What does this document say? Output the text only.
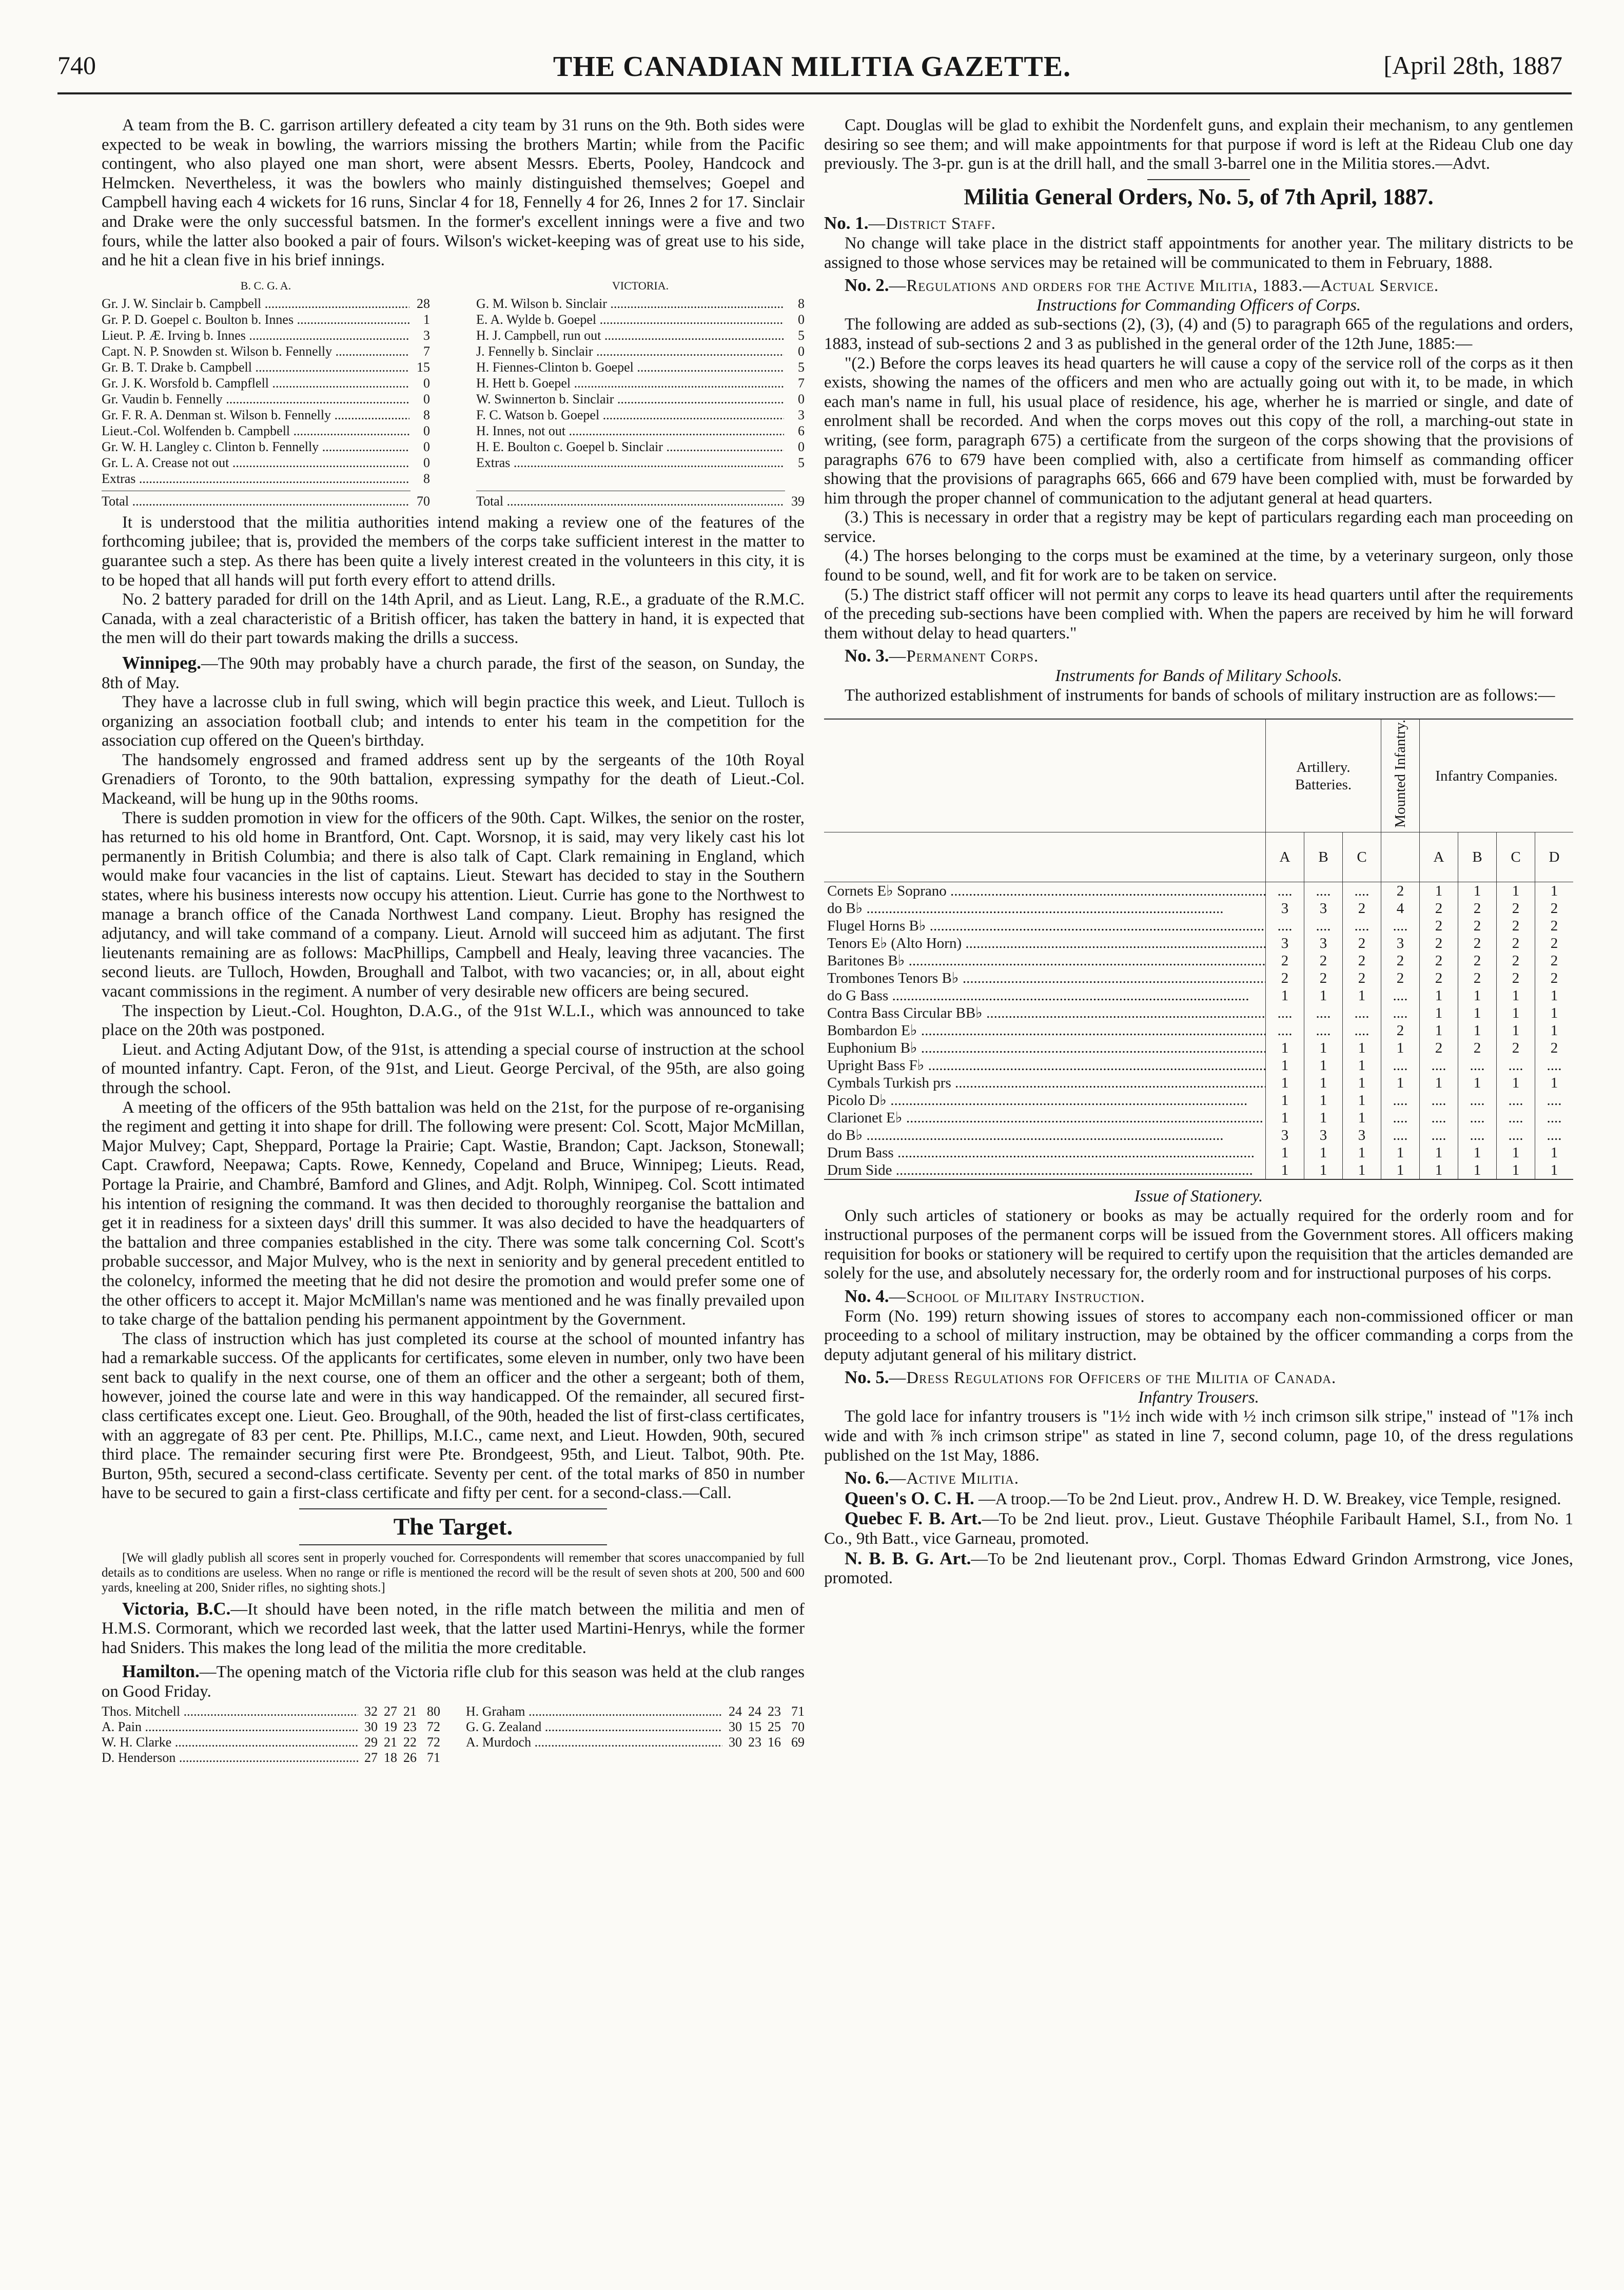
740	THE CANADIAN MILITIA GAZETTE.	[April 28th, 1887

A team from the B. C. garrison artillery defeated a city team by 31 runs on the 9th. Both sides were expected to be weak in bowling, the warriors missing the brothers Martin; while from the Pacific contingent, who also played one man short, were absent Messrs. Eberts, Pooley, Handcock and Helmcken. Nevertheless, it was the bowlers who mainly distinguished themselves; Goepel and Campbell having each 4 wickets for 16 runs, Sinclar 4 for 18, Fennelly 4 for 26, Innes 2 for 17. Sinclair and Drake were the only successful batsmen. In the former's excellent innings were a five and two fours, while the latter also booked a pair of fours. Wilson's wicket-keeping was of great use to his side, and he hit a clean five in his brief innings.

B. C. G. A.
Gr. J. W. Sinclair b. Campbell .....	28
Gr. P. D. Goepel c. Boulton b. Innes .....	1
Lieut. P. Æ. Irving b. Innes .....	3
Capt. N. P. Snowden st. Wilson b. Fennelly .....	7
Gr. B. T. Drake b. Campbell .....	15
Gr. J. K. Worsfold b. Campflell .....	0
Gr. Vaudin b. Fennelly .....	0
Gr. F. R. A. Denman st. Wilson b. Fennelly .....	8
Lieut.-Col. Wolfenden b. Campbell .....	0
Gr. W. H. Langley c. Clinton b. Fennelly .....	0
Gr. L. A. Crease not out .....	0
Extras .....	8
Total .....	70
VICTORIA.
G. M. Wilson b. Sinclair .....	8
E. A. Wylde b. Goepel .....	0
H. J. Campbell, run out .....	5
J. Fennelly b. Sinclair .....	0
H. Fiennes-Clinton b. Goepel .....	5
H. Hett b. Goepel .....	7
W. Swinnerton b. Sinclair .....	0
F. C. Watson b. Goepel .....	3
H. Innes, not out .....	6
H. E. Boulton c. Goepel b. Sinclair .....	0
Extras .....	5
Total .....	39

It is understood that the militia authorities intend making a review one of the features of the forthcoming jubilee; that is, provided the members of the corps take sufficient interest in the matter to guarantee such a step. As there has been quite a lively interest created in the volunteers in this city, it is to be hoped that all hands will put forth every effort to attend drills.

No. 2 battery paraded for drill on the 14th April, and as Lieut. Lang, R.E., a graduate of the R.M.C. Canada, with a zeal characteristic of a British officer, has taken the battery in hand, it is expected that the men will do their part towards making the drills a success.

Winnipeg.—The 90th may probably have a church parade, the first of the season, on Sunday, the 8th of May.

They have a lacrosse club in full swing, which will begin practice this week, and Lieut. Tulloch is organizing an association football club; and intends to enter his team in the competition for the association cup offered on the Queen's birthday.

The handsomely engrossed and framed address sent up by the sergeants of the 10th Royal Grenadiers of Toronto, to the 90th battalion, expressing sympathy for the death of Lieut.-Col. Mackeand, will be hung up in the 90ths rooms.

There is sudden promotion in view for the officers of the 90th. Capt. Wilkes, the senior on the roster, has returned to his old home in Brantford, Ont. Capt. Worsnop, it is said, may very likely cast his lot permanently in British Columbia; and there is also talk of Capt. Clark remaining in England, which would make four vacancies in the list of captains. Lieut. Stewart has decided to stay in the Southern states, where his business interests now occupy his attention. Lieut. Currie has gone to the Northwest to manage a branch office of the Canada Northwest Land company. Lieut. Brophy has resigned the adjutancy, and will take command of a company. Lieut. Arnold will succeed him as adjutant. The first lieutenants remaining are as follows: MacPhillips, Campbell and Healy, leaving three vacancies. The second lieuts. are Tulloch, Howden, Broughall and Talbot, with two vacancies; or, in all, about eight vacant commissions in the regiment. A number of very desirable new officers are being secured.

The inspection by Lieut.-Col. Houghton, D.A.G., of the 91st W.L.I., which was announced to take place on the 20th was postponed.

Lieut. and Acting Adjutant Dow, of the 91st, is attending a special course of instruction at the school of mounted infantry. Capt. Feron, of the 91st, and Lieut. George Percival, of the 95th, are also going through the school.

A meeting of the officers of the 95th battalion was held on the 21st, for the purpose of re-organising the regiment and getting it into shape for drill. The following were present: Col. Scott, Major McMillan, Major Mulvey; Capt, Sheppard, Portage la Prairie; Capt. Wastie, Brandon; Capt. Jackson, Stonewall; Capt. Crawford, Neepawa; Capts. Rowe, Kennedy, Copeland and Bruce, Winnipeg; Lieuts. Read, Portage la Prairie, and Chambré, Bamford and Glines, and Adjt. Rolph, Winnipeg. Col. Scott intimated his intention of resigning the command. It was then decided to thoroughly reorganise the battalion and get it in readiness for a sixteen days' drill this summer. It was also decided to have the headquarters of the battalion and three companies established in the city. There was some talk concerning Col. Scott's probable successor, and Major Mulvey, who is the next in seniority and by general precedent entitled to the colonelcy, informed the meeting that he did not desire the promotion and would prefer some one of the other officers to accept it. Major McMillan's name was mentioned and he was finally prevailed upon to take charge of the battalion pending his permanent appointment by the Government.

The class of instruction which has just completed its course at the school of mounted infantry has had a remarkable success. Of the applicants for certificates, some eleven in number, only two have been sent back to qualify in the next course, one of them an officer and the other a sergeant; both of them, however, joined the course late and were in this way handicapped. Of the remainder, all secured first-class certificates except one. Lieut. Geo. Broughall, of the 90th, headed the list of first-class certificates, with an aggregate of 83 per cent. Pte. Phillips, M.I.C., came next, and Lieut. Howden, 90th, secured third place. The remainder securing first were Pte. Brondgeest, 95th, and Lieut. Talbot, 90th. Pte. Burton, 95th, secured a second-class certificate. Seventy per cent. of the total marks of 850 in number have to be secured to gain a first-class certificate and fifty per cent. for a second-class.—Call.

The Target.

[We will gladly publish all scores sent in properly vouched for. Correspondents will remember that scores unaccompanied by full details as to conditions are useless. When no range or rifle is mentioned the record will be the result of seven shots at 200, 500 and 600 yards, kneeling at 200, Snider rifles, no sighting shots.]

Victoria, B.C.—It should have been noted, in the rifle match between the militia and men of H.M.S. Cormorant, which we recorded last week, that the latter used Martini-Henrys, while the former had Sniders. This makes the long lead of the militia the more creditable.

Hamilton.—The opening match of the Victoria rifle club for this season was held at the club ranges on Good Friday.

Thos. Mitchell .....	32 27 21 80
A. Pain .....	30 19 23 72
W. H. Clarke .....	29 21 22 72
D. Henderson .....	27 18 26 71
H. Graham .....	24 24 23 71
G. G. Zealand .....	30 15 25 70
A. Murdoch .....	30 23 16 69

Capt. Douglas will be glad to exhibit the Nordenfelt guns, and explain their mechanism, to any gentlemen desiring so see them; and will make appointments for that purpose if word is left at the Rideau Club one day previously. The 3-pr. gun is at the drill hall, and the small 3-barrel one in the Militia stores.—Advt.

Militia General Orders, No. 5, of 7th April, 1887.

No. 1.—District Staff.

No change will take place in the district staff appointments for another year. The military districts to be assigned to those whose services may be retained will be communicated to them in February, 1888.

No. 2.—Regulations and orders for the Active Militia, 1883.—Actual Service.

Instructions for Commanding Officers of Corps.

The following are added as sub-sections (2), (3), (4) and (5) to paragraph 665 of the regulations and orders, 1883, instead of sub-sections 2 and 3 as published in the general order of the 12th June, 1885:—

"(2.) Before the corps leaves its head quarters he will cause a copy of the service roll of the corps as it then exists, showing the names of the officers and men who are actually going out with it, to be made, in which each man's name in full, his usual place of residence, his age, wherher he is married or single, and date of enrolment shall be recorded. And when the corps moves out this copy of the roll, a marching-out state in writing, (see form, paragraph 675) a certificate from the surgeon of the corps showing that the provisions of paragraphs 676 to 679 have been complied with, also a certificate from himself as commanding officer showing that the provisions of paragraphs 665, 666 and 679 have been complied with, must be forwarded by him through the proper channel of communication to the adjutant general at head quarters.

(3.) This is necessary in order that a registry may be kept of particulars regarding each man proceeding on service.

(4.) The horses belonging to the corps must be examined at the time, by a veterinary surgeon, only those found to be sound, well, and fit for work are to be taken on service.

(5.) The district staff officer will not permit any corps to leave its head quarters until after the requirements of the preceding sub-sections have been complied with. When the papers are received by him he will forward them without delay to head quarters."

No. 3.—Permanent Corps.

Instruments for Bands of Military Schools.

The authorized establishment of instruments for bands of schools of military instruction are as follows:—

	Artillery. Batteries.			Mounted Infantry.	Infantry Companies.			
	A	B	C		A	B	C	D
Cornets E♭ Soprano .....	....	....	....	2	1	1	1	1
do B♭ .....	3	3	2	4	2	2	2	2
Flugel Horns B♭ .....	....	....	....	....	2	2	2	2
Tenors E♭ (Alto Horn) .....	3	3	2	3	2	2	2	2
Baritones B♭ .....	2	2	2	2	2	2	2	2
Trombones Tenors B♭ .....	2	2	2	2	2	2	2	2
do G Bass .....	1	1	1	....	1	1	1	1
Contra Bass Circular BB♭ .....	....	....	....	....	1	1	1	1
Bombardon E♭ .....	....	....	....	2	1	1	1	1
Euphonium B♭ .....	1	1	1	1	2	2	2	2
Upright Bass F♭ .....	1	1	1	....	....	....	....	....
Cymbals Turkish prs .....	1	1	1	1	1	1	1	1
Picolo D♭ .....	1	1	1	....	....	....	....	....
Clarionet E♭ .....	1	1	1	....	....	....	....	....
do B♭ .....	3	3	3	....	....	....	....	....
Drum Bass .....	1	1	1	1	1	1	1	1
Drum Side .....	1	1	1	1	1	1	1	1

Issue of Stationery.

Only such articles of stationery or books as may be actually required for the orderly room and for instructional purposes of the permanent corps will be issued from the Government stores. All officers making requisition for books or stationery will be required to certify upon the requisition that the articles demanded are solely for the use, and absolutely necessary for, the orderly room and for instructional purposes of his corps.

No. 4.—School of Military Instruction.

Form (No. 199) return showing issues of stores to accompany each non-commissioned officer or man proceeding to a school of military instruction, may be obtained by the officer commanding a corps from the deputy adjutant general of his military district.

No. 5.—Dress Regulations for Officers of the Militia of Canada.

Infantry Trousers.

The gold lace for infantry trousers is "1½ inch wide with ½ inch crimson silk stripe," instead of "1⅞ inch wide and with ⅞ inch crimson stripe" as stated in line 7, second column, page 10, of the dress regulations published on the 1st May, 1886.

No. 6.—Active Militia.

Queen's O. C. H. —A troop.—To be 2nd Lieut. prov., Andrew H. D. W. Breakey, vice Temple, resigned.

Quebec F. B. Art.—To be 2nd lieut. prov., Lieut. Gustave Théophile Faribault Hamel, S.I., from No. 1 Co., 9th Batt., vice Garneau, promoted.

N. B. B. G. Art.—To be 2nd lieutenant prov., Corpl. Thomas Edward Grindon Armstrong, vice Jones, promoted.
